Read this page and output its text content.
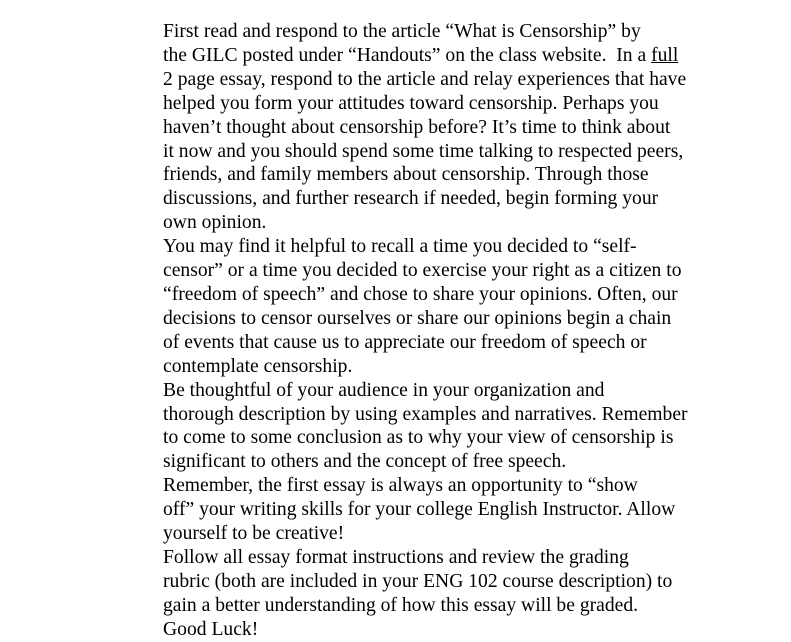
First read and respond to the article “What is Censorship” by
the GILC posted under “Handouts” on the class website.  In a full
2 page essay, respond to the article and relay experiences that have
helped you form your attitudes toward censorship. Perhaps you
haven’t thought about censorship before? It’s time to think about
it now and you should spend some time talking to respected peers,
friends, and family members about censorship. Through those
discussions, and further research if needed, begin forming your
own opinion.

You may find it helpful to recall a time you decided to “self-
censor” or a time you decided to exercise your right as a citizen to
“freedom of speech” and chose to share your opinions. Often, our
decisions to censor ourselves or share our opinions begin a chain
of events that cause us to appreciate our freedom of speech or
contemplate censorship.

Be thoughtful of your audience in your organization and
thorough description by using examples and narratives. Remember
to come to some conclusion as to why your view of censorship is
significant to others and the concept of free speech.

Remember, the first essay is always an opportunity to “show
off” your writing skills for your college English Instructor. Allow
yourself to be creative!

Follow all essay format instructions and review the grading
rubric (both are included in your ENG 102 course description) to
gain a better understanding of how this essay will be graded.
Good Luck!
